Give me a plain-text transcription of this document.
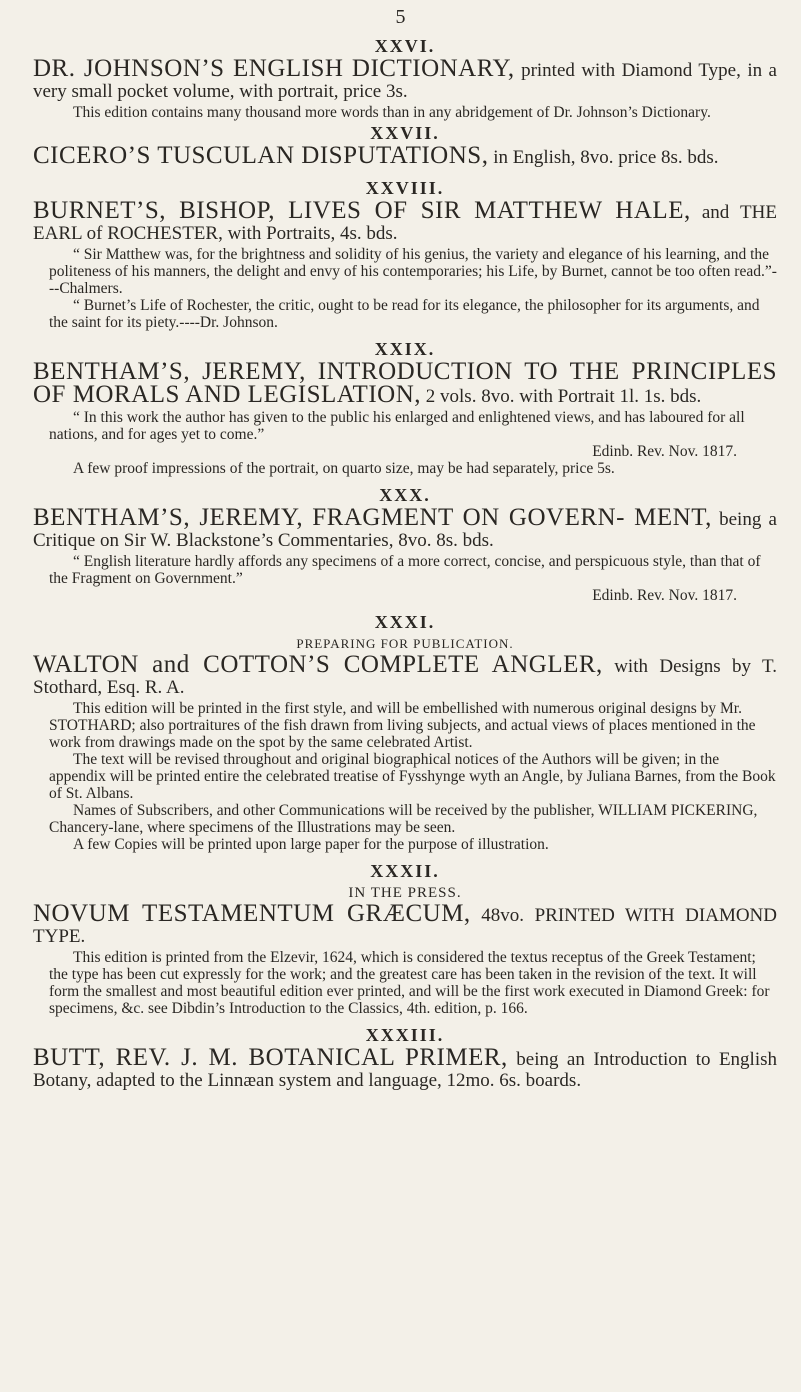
5
XXVI.

DR. JOHNSON’S ENGLISH DICTIONARY, printed with Diamond Type, in a very small pocket volume, with portrait, price 3s.

This edition contains many thousand more words than in any abridgement of Dr. Johnson’s Dictionary.

XXVII.

CICERO’S TUSCULAN DISPUTATIONS, in English, 8vo. price 8s. bds.

XXVIII.

BURNET’S, BISHOP, LIVES OF SIR MATTHEW HALE, and THE EARL of ROCHESTER, with Portraits, 4s. bds.

“ Sir Matthew was, for the brightness and solidity of his genius, the variety and elegance of his learning, and the politeness of his manners, the delight and envy of his contemporaries; his Life, by Burnet, cannot be too often read.”---Chalmers.

“ Burnet’s Life of Rochester, the critic, ought to be read for its elegance, the philosopher for its arguments, and the saint for its piety.----Dr. Johnson.

XXIX.

BENTHAM’S, JEREMY, INTRODUCTION TO THE PRINCIPLES OF MORALS AND LEGISLATION, 2 vols. 8vo. with Portrait 1l. 1s. bds.

“ In this work the author has given to the public his enlarged and enlightened views, and has laboured for all nations, and for ages yet to come.”

Edinb. Rev. Nov. 1817.

A few proof impressions of the portrait, on quarto size, may be had separately, price 5s.

XXX.

BENTHAM’S, JEREMY, FRAGMENT ON GOVERN- MENT, being a Critique on Sir W. Blackstone’s Commentaries, 8vo. 8s. bds.

“ English literature hardly affords any specimens of a more correct, concise, and perspicuous style, than that of the Fragment on Government.”

Edinb. Rev. Nov. 1817.

XXXI.
PREPARING FOR PUBLICATION.

WALTON and COTTON’S COMPLETE ANGLER, with Designs by T. Stothard, Esq. R. A.

This edition will be printed in the first style, and will be embellished with numerous original designs by Mr. STOTHARD; also portraitures of the fish drawn from living subjects, and actual views of places mentioned in the work from drawings made on the spot by the same celebrated Artist.

The text will be revised throughout and original biographical notices of the Authors will be given; in the appendix will be printed entire the celebrated treatise of Fysshynge wyth an Angle, by Juliana Barnes, from the Book of St. Albans.

Names of Subscribers, and other Communications will be received by the publisher, WILLIAM PICKERING, Chancery-lane, where specimens of the Illustrations may be seen.

A few Copies will be printed upon large paper for the purpose of illustration.

XXXII.
IN THE PRESS.

NOVUM TESTAMENTUM GRÆCUM, 48vo. PRINTED WITH DIAMOND TYPE.

This edition is printed from the Elzevir, 1624, which is considered the textus receptus of the Greek Testament; the type has been cut expressly for the work; and the greatest care has been taken in the revision of the text. It will form the smallest and most beautiful edition ever printed, and will be the first work executed in Diamond Greek: for specimens, &c. see Dibdin’s Introduction to the Classics, 4th. edition, p. 166.

XXXIII.

BUTT, REV. J. M. BOTANICAL PRIMER, being an Introduction to English Botany, adapted to the Linnæan system and language, 12mo. 6s. boards.
